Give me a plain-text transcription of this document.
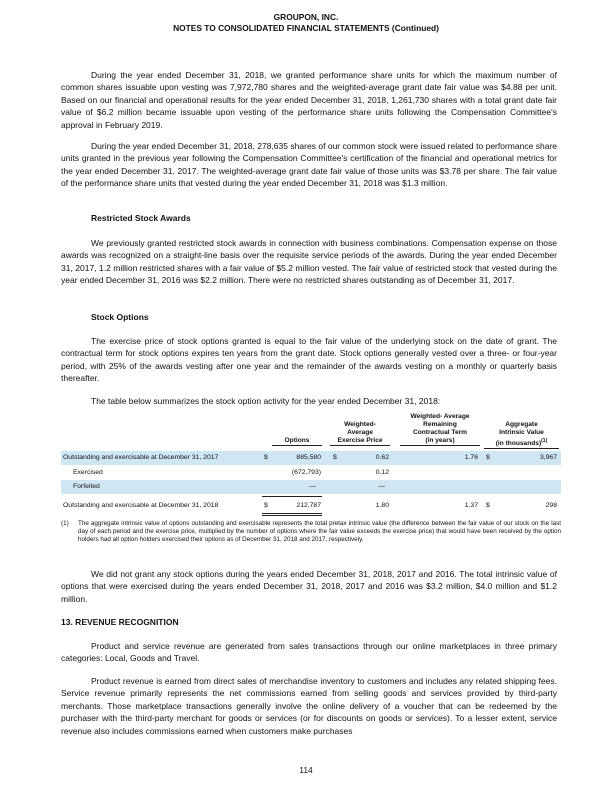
GROUPON, INC.
NOTES TO CONSOLIDATED FINANCIAL STATEMENTS (Continued)

During the year ended December 31, 2018, we granted performance share units for which the maximum number of common shares issuable upon vesting was 7,972,780 shares and the weighted-average grant date fair value was $4.88 per unit. Based on our financial and operational results for the year ended December 31, 2018, 1,261,730 shares with a total grant date fair value of $6.2 million became issuable upon vesting of the performance share units following the Compensation Committee's approval in February 2019.

During the year ended December 31, 2018, 278,635 shares of our common stock were issued related to performance share units granted in the previous year following the Compensation Committee's certification of the financial and operational metrics for the year ended December 31, 2017. The weighted-average grant date fair value of those units was $3.78 per share. The fair value of the performance share units that vested during the year ended December 31, 2018 was $1.3 million.

Restricted Stock Awards

We previously granted restricted stock awards in connection with business combinations. Compensation expense on those awards was recognized on a straight-line basis over the requisite service periods of the awards. During the year ended December 31, 2017, 1.2 million restricted shares with a fair value of $5.2 million vested. The fair value of restricted stock that vested during the year ended December 31, 2016 was $2.2 million. There were no restricted shares outstanding as of December 31, 2017.

Stock Options

The exercise price of stock options granted is equal to the fair value of the underlying stock on the date of grant. The contractual term for stock options expires ten years from the grant date. Stock options generally vested over a three- or four-year period, with 25% of the awards vesting after one year and the remainder of the awards vesting on a monthly or quarterly basis thereafter.

The table below summarizes the stock option activity for the year ended December 31, 2018:

Options
Weighted-
Average
Exercise Price
Weighted- Average
Remaining
Contractual Term
(in years)
Aggregate
Intrinsic Value
(in thousands)$^{(1)}$
Outstanding and exercisable at December 31, 2017	$	885,580 $	0.62	1.76 $	3,967
Exercised	(672,793)	0.12
Forfeited	—	—
Outstanding and exercisable at December 31, 2018	$	212,787	1.80	1.37 $	298
(1) The aggregate intrinsic value of options outstanding and exercisable represents the total pretax intrinsic value (the difference between the fair value of our stock on the last day of each period and the exercise price, multiplied by the number of options where the fair value exceeds the exercise price) that would have been received by the option holders had all option holders exercised their options as of December 31, 2018 and 2017, respectively.

We did not grant any stock options during the years ended December 31, 2018, 2017 and 2016. The total intrinsic value of options that were exercised during the years ended December 31, 2018, 2017 and 2016 was $3.2 million, $4.0 million and $1.2 million.

13. REVENUE RECOGNITION

Product and service revenue are generated from sales transactions through our online marketplaces in three primary categories: Local, Goods and Travel.

Product revenue is earned from direct sales of merchandise inventory to customers and includes any related shipping fees. Service revenue primarily represents the net commissions earned from selling goods and services provided by third-party merchants. Those marketplace transactions generally involve the online delivery of a voucher that can be redeemed by the purchaser with the third-party merchant for goods or services (or for discounts on goods or services). To a lesser extent, service revenue also includes commissions earned when customers make purchases

114
